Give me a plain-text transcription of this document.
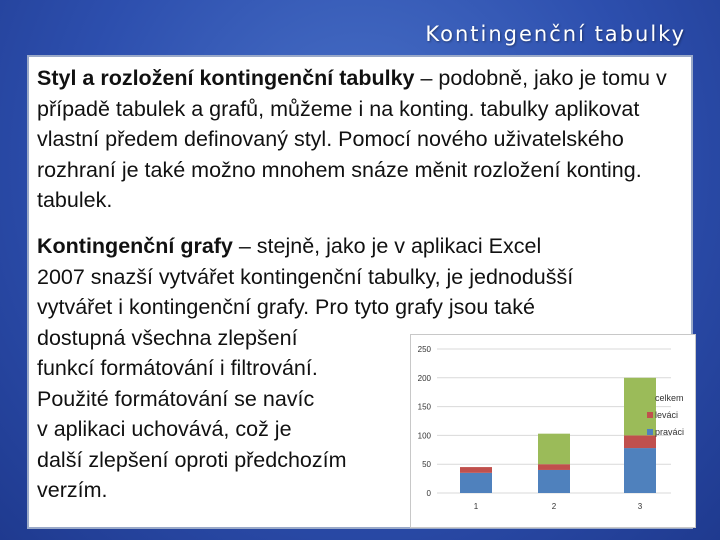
Kontingenční tabulky
Styl a rozložení kontingenční tabulky – podobně, jako je tomu v případě tabulek a grafů, můžeme i na konting. tabulky aplikovat vlastní předem definovaný styl. Pomocí nového uživatelského rozhraní je také možno mnohem snáze měnit rozložení konting. tabulek.
Kontingenční grafy – stejně, jako je v aplikaci Excel
2007 snazší vytvářet kontingenční tabulky, je jednodušší
vytvářet i kontingenční grafy. Pro tyto grafy jsou také
dostupná všechna zlepšení
funkcí formátování i filtrování.
Použité formátování se navíc
v aplikaci uchovává, což je
další zlepšení oproti předchozím
verzím.	0
50
100
150
200
250
1	2	3
celkem
leváci
praváci
